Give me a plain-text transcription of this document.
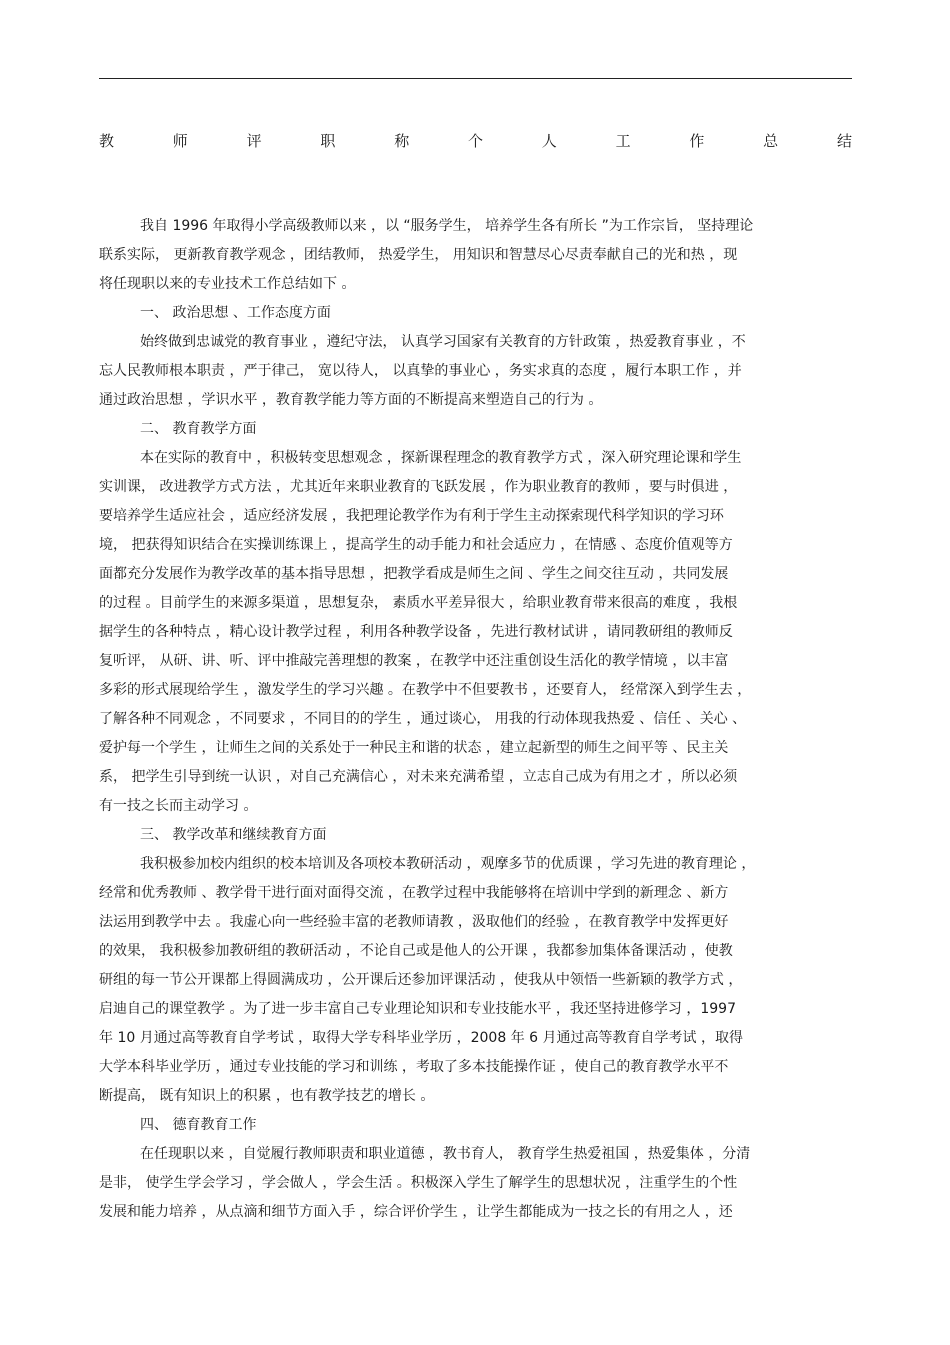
教	师	评	职	称	个	人	工	作	总	结
我自 1996 年取得小学高级教师以来 ，以 “服务学生， 培养学生各有所长 ”为工作宗旨， 坚持理论
联系实际， 更新教育教学观念 ，团结教师， 热爱学生， 用知识和智慧尽心尽责奉献自己的光和热 ，现
将任现职以来的专业技术工作总结如下 。
一、 政治思想 、工作态度方面
始终做到忠诚党的教育事业 ，遵纪守法， 认真学习国家有关教育的方针政策 ，热爱教育事业 ，不
忘人民教师根本职责 ，严于律己， 宽以待人， 以真挚的事业心 ，务实求真的态度 ，履行本职工作 ，并
通过政治思想 ，学识水平 ，教育教学能力等方面的不断提高来塑造自己的行为 。
二、 教育教学方面
本在实际的教育中 ，积极转变思想观念 ，探新课程理念的教育教学方式 ，深入研究理论课和学生
实训课， 改进教学方式方法 ，尤其近年来职业教育的飞跃发展 ，作为职业教育的教师 ，要与时俱进 ，
要培养学生适应社会 ，适应经济发展 ，我把理论教学作为有利于学生主动探索现代科学知识的学习环
境， 把获得知识结合在实操训练课上 ，提高学生的动手能力和社会适应力 ，在情感 、态度价值观等方
面都充分发展作为教学改革的基本指导思想 ，把教学看成是师生之间 、学生之间交往互动 ，共同发展
的过程 。目前学生的来源多渠道 ，思想复杂， 素质水平差异很大 ，给职业教育带来很高的难度 ，我根
据学生的各种特点 ，精心设计教学过程 ，利用各种教学设备 ，先进行教材试讲 ，请同教研组的教师反
复听评， 从研、讲、听、评中推敲完善理想的教案 ，在教学中还注重创设生活化的教学情境 ，以丰富
多彩的形式展现给学生 ，激发学生的学习兴趣 。在教学中不但要教书 ，还要育人， 经常深入到学生去 ，
了解各种不同观念 ，不同要求 ，不同目的的学生 ，通过谈心， 用我的行动体现我热爱 、信任 、关心 、
爱护每一个学生 ，让师生之间的关系处于一种民主和谐的状态 ，建立起新型的师生之间平等 、民主关
系， 把学生引导到统一认识 ，对自己充满信心 ，对未来充满希望 ，立志自己成为有用之才 ，所以必须
有一技之长而主动学习 。
三、 教学改革和继续教育方面
我积极参加校内组织的校本培训及各项校本教研活动 ，观摩多节的优质课 ，学习先进的教育理论 ，
经常和优秀教师 、教学骨干进行面对面得交流 ，在教学过程中我能够将在培训中学到的新理念 、新方
法运用到教学中去 。我虚心向一些经验丰富的老教师请教 ，汲取他们的经验 ，在教育教学中发挥更好
的效果， 我积极参加教研组的教研活动 ，不论自己或是他人的公开课 ，我都参加集体备课活动 ，使教
研组的每一节公开课都上得圆满成功 ，公开课后还参加评课活动 ，使我从中领悟一些新颖的教学方式 ，
启迪自己的课堂教学 。为了进一步丰富自己专业理论知识和专业技能水平 ，我还坚持进修学习 ，1997
年 10 月通过高等教育自学考试 ，取得大学专科毕业学历 ，2008 年 6 月通过高等教育自学考试 ，取得
大学本科毕业学历 ，通过专业技能的学习和训练 ，考取了多本技能操作证 ，使自己的教育教学水平不
断提高， 既有知识上的积累 ，也有教学技艺的增长 。
四、 德育教育工作
在任现职以来 ，自觉履行教师职责和职业道德 ，教书育人， 教育学生热爱祖国 ，热爱集体 ，分清
是非， 使学生学会学习 ，学会做人 ，学会生活 。积极深入学生了解学生的思想状况 ，注重学生的个性
发展和能力培养 ，从点滴和细节方面入手 ，综合评价学生 ，让学生都能成为一技之长的有用之人 ，还
